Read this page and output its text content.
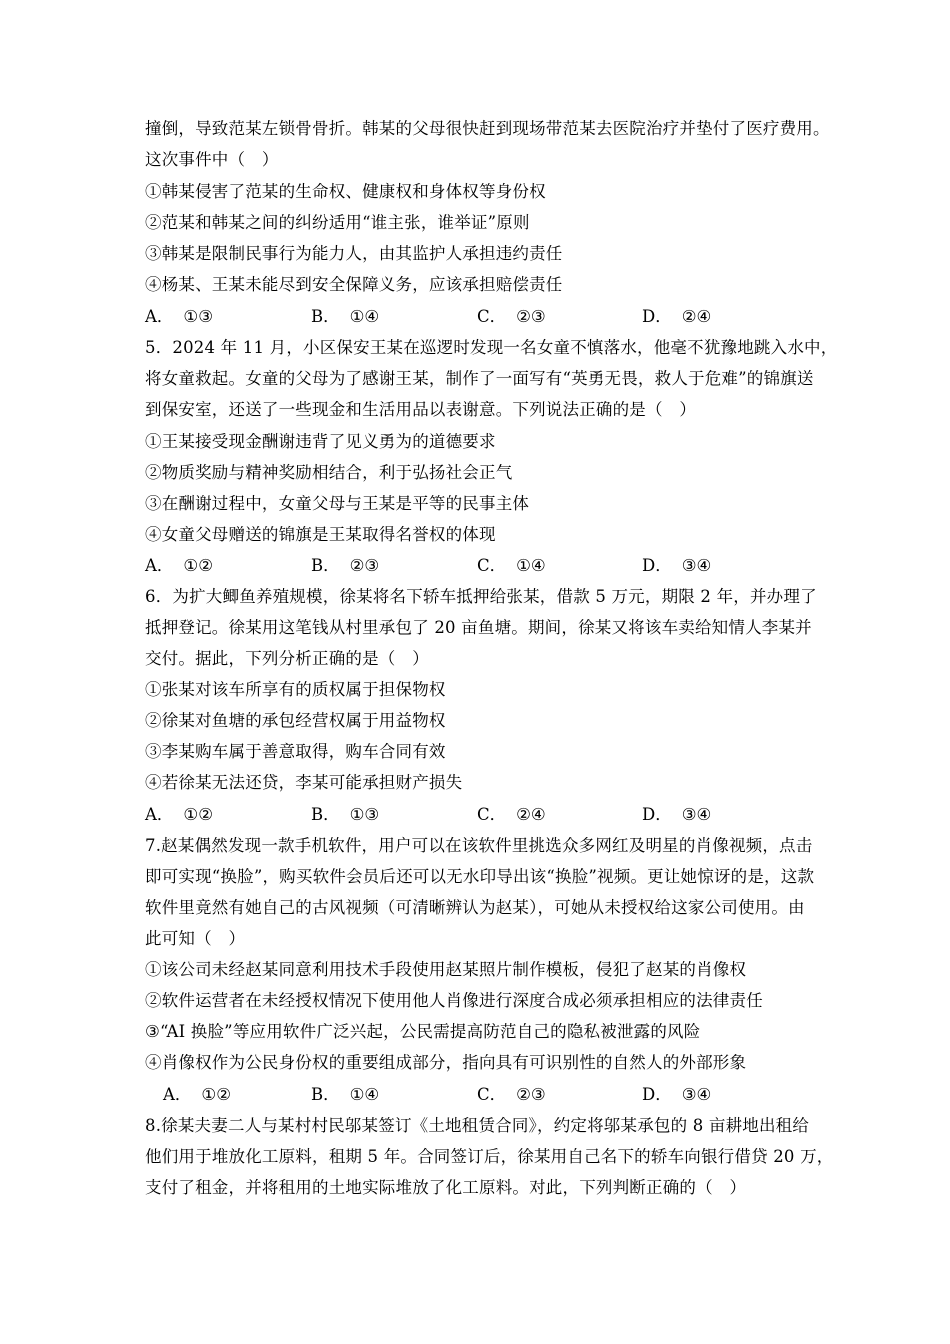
撞倒，导致范某左锁骨骨折。韩某的父母很快赶到现场带范某去医院治疗并垫付了医疗费用。
这次事件中（　）
①韩某侵害了范某的生命权、健康权和身体权等身份权
②范某和韩某之间的纠纷适用“谁主张，谁举证”原则
③韩某是限制民事行为能力人，由其监护人承担违约责任
④杨某、王某未能尽到安全保障义务，应该承担赔偿责任
A． ①③	B． ①④	C． ②③	D． ②④
5．2024 年 11 月，小区保安王某在巡逻时发现一名女童不慎落水，他毫不犹豫地跳入水中，
将女童救起。女童的父母为了感谢王某，制作了一面写有“英勇无畏，救人于危难”的锦旗送
到保安室，还送了一些现金和生活用品以表谢意。下列说法正确的是（　）
①王某接受现金酬谢违背了见义勇为的道德要求
②物质奖励与精神奖励相结合，利于弘扬社会正气
③在酬谢过程中，女童父母与王某是平等的民事主体
④女童父母赠送的锦旗是王某取得名誉权的体现
A． ①②	B． ②③	C． ①④	D． ③④
6．为扩大鲫鱼养殖规模，徐某将名下轿车抵押给张某，借款 5 万元，期限 2 年，并办理了
抵押登记。徐某用这笔钱从村里承包了 20 亩鱼塘。期间，徐某又将该车卖给知情人李某并
交付。据此，下列分析正确的是（　）
①张某对该车所享有的质权属于担保物权
②徐某对鱼塘的承包经营权属于用益物权
③李某购车属于善意取得，购车合同有效
④若徐某无法还贷，李某可能承担财产损失
A． ①②	B． ①③	C． ②④	D． ③④
7.赵某偶然发现一款手机软件，用户可以在该软件里挑选众多网红及明星的肖像视频，点击
即可实现“换脸”，购买软件会员后还可以无水印导出该“换脸”视频。更让她惊讶的是，这款
软件里竟然有她自己的古风视频（可清晰辨认为赵某），可她从未授权给这家公司使用。由
此可知（　）
①该公司未经赵某同意利用技术手段使用赵某照片制作模板，侵犯了赵某的肖像权
②软件运营者在未经授权情况下使用他人肖像进行深度合成必须承担相应的法律责任
③“AI 换脸”等应用软件广泛兴起，公民需提高防范自己的隐私被泄露的风险
④肖像权作为公民身份权的重要组成部分，指向具有可识别性的自然人的外部形象
A． ①②	B． ①④	C． ②③	D． ③④
8.徐某夫妻二人与某村村民邬某签订《土地租赁合同》，约定将邬某承包的 8 亩耕地出租给
他们用于堆放化工原料，租期 5 年。合同签订后，徐某用自己名下的轿车向银行借贷 20 万，
支付了租金，并将租用的土地实际堆放了化工原料。对此，下列判断正确的（　）
